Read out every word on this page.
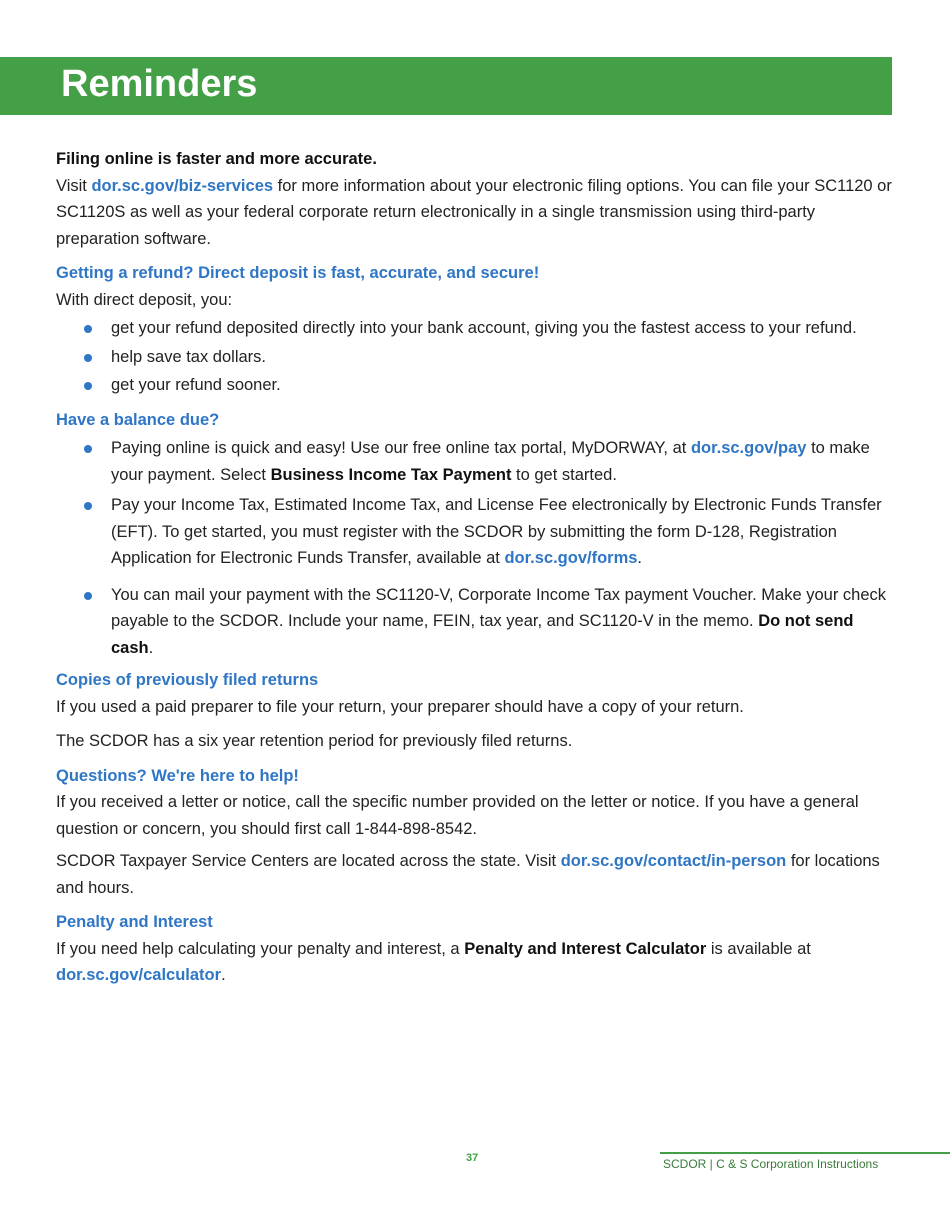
Reminders

Filing online is faster and more accurate.

Visit dor.sc.gov/biz-services for more information about your electronic filing options. You can file your SC1120 or SC1120S as well as your federal corporate return electronically in a single transmission using third-party preparation software.

Getting a refund? Direct deposit is fast, accurate, and secure!

With direct deposit, you:

get your refund deposited directly into your bank account, giving you the fastest access to your refund.
help save tax dollars.
get your refund sooner.

Have a balance due?

Paying online is quick and easy! Use our free online tax portal, MyDORWAY, at dor.sc.gov/pay to make your payment. Select Business Income Tax Payment to get started.
Pay your Income Tax, Estimated Income Tax, and License Fee electronically by Electronic Funds Transfer (EFT). To get started, you must register with the SCDOR by submitting the form D-128, Registration Application for Electronic Funds Transfer, available at dor.sc.gov/forms.
You can mail your payment with the SC1120-V, Corporate Income Tax payment Voucher. Make your check payable to the SCDOR. Include your name, FEIN, tax year, and SC1120-V in the memo. Do not send cash.

Copies of previously filed returns

If you used a paid preparer to file your return, your preparer should have a copy of your return.

The SCDOR has a six year retention period for previously filed returns.

Questions? We're here to help!

If you received a letter or notice, call the specific number provided on the letter or notice. If you have a general question or concern, you should first call 1-844-898-8542.

SCDOR Taxpayer Service Centers are located across the state. Visit dor.sc.gov/contact/in-person for locations and hours.

Penalty and Interest

If you need help calculating your penalty and interest, a Penalty and Interest Calculator is available at dor.sc.gov/calculator.

37	SCDOR | C & S Corporation Instructions
